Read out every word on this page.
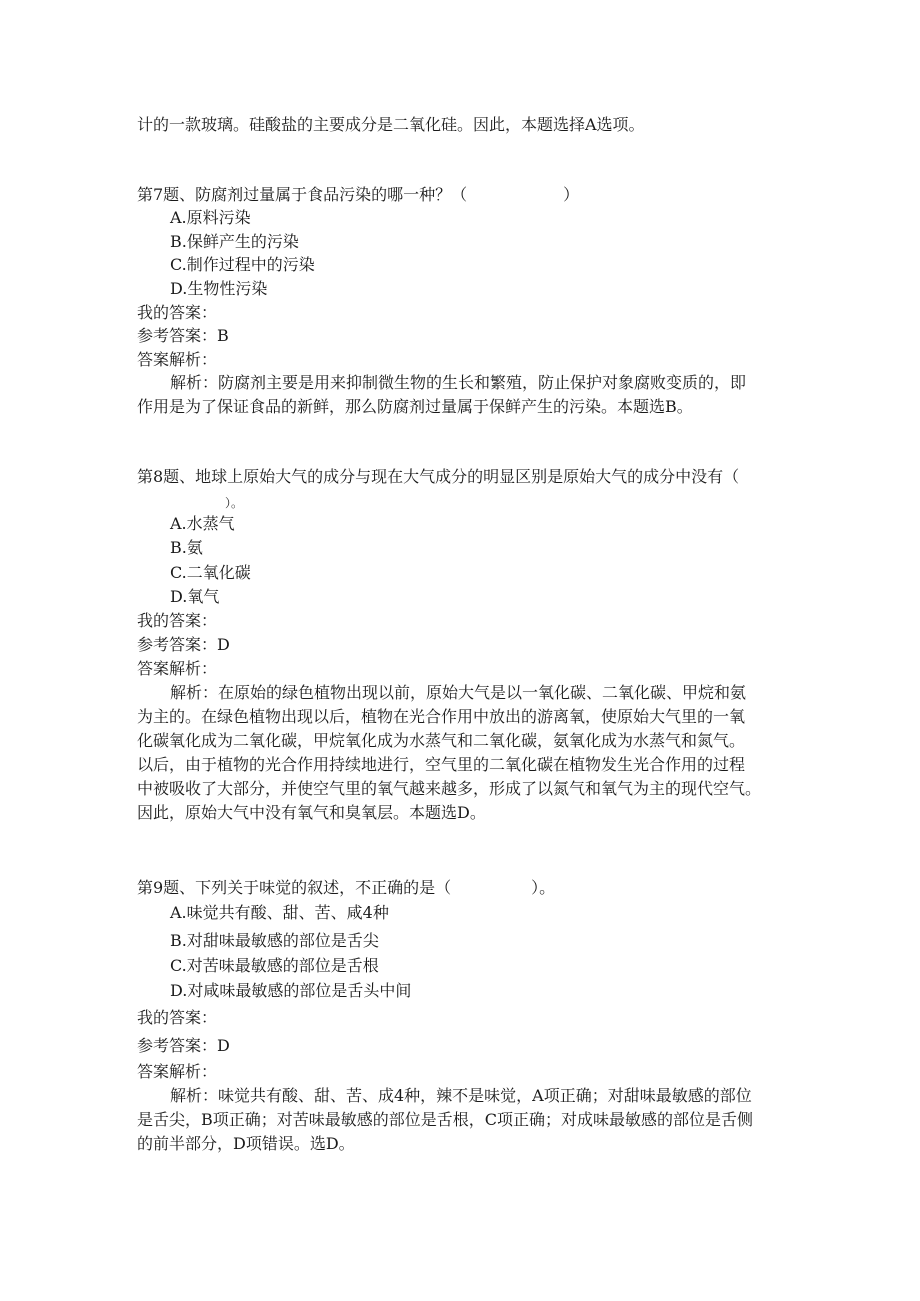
计的一款玻璃。硅酸盐的主要成分是二氧化硅。因此，本题选择A选项。
第7题、防腐剂过量属于食品污染的哪一种？（　　　　　　）
A.原料污染
B.保鲜产生的污染
C.制作过程中的污染
D.生物性污染
我的答案：
参考答案：B
答案解析：
解析：防腐剂主要是用来抑制微生物的生长和繁殖，防止保护对象腐败变质的，即
作用是为了保证食品的新鲜，那么防腐剂过量属于保鲜产生的污染。本题选B。
第8题、地球上原始大气的成分与现在大气成分的明显区别是原始大气的成分中没有（
）。
A.水蒸气
B.氨
C.二氧化碳
D.氧气
我的答案：
参考答案：D
答案解析：
解析：在原始的绿色植物出现以前，原始大气是以一氧化碳、二氧化碳、甲烷和氨
为主的。在绿色植物出现以后，植物在光合作用中放出的游离氧，使原始大气里的一氧
化碳氧化成为二氧化碳，甲烷氧化成为水蒸气和二氧化碳，氨氧化成为水蒸气和氮气。
以后，由于植物的光合作用持续地进行，空气里的二氧化碳在植物发生光合作用的过程
中被吸收了大部分，并使空气里的氧气越来越多，形成了以氮气和氧气为主的现代空气。
因此，原始大气中没有氧气和臭氧层。本题选D。
第9题、下列关于味觉的叙述，不正确的是（　　　　　）。
A.味觉共有酸、甜、苦、咸4种
B.对甜味最敏感的部位是舌尖
C.对苦味最敏感的部位是舌根
D.对咸味最敏感的部位是舌头中间
我的答案：
参考答案：D
答案解析：
解析：味觉共有酸、甜、苦、成4种，辣不是味觉，A项正确；对甜味最敏感的部位
是舌尖，B项正确；对苦味最敏感的部位是舌根，C项正确；对成味最敏感的部位是舌侧
的前半部分，D项错误。选D。
